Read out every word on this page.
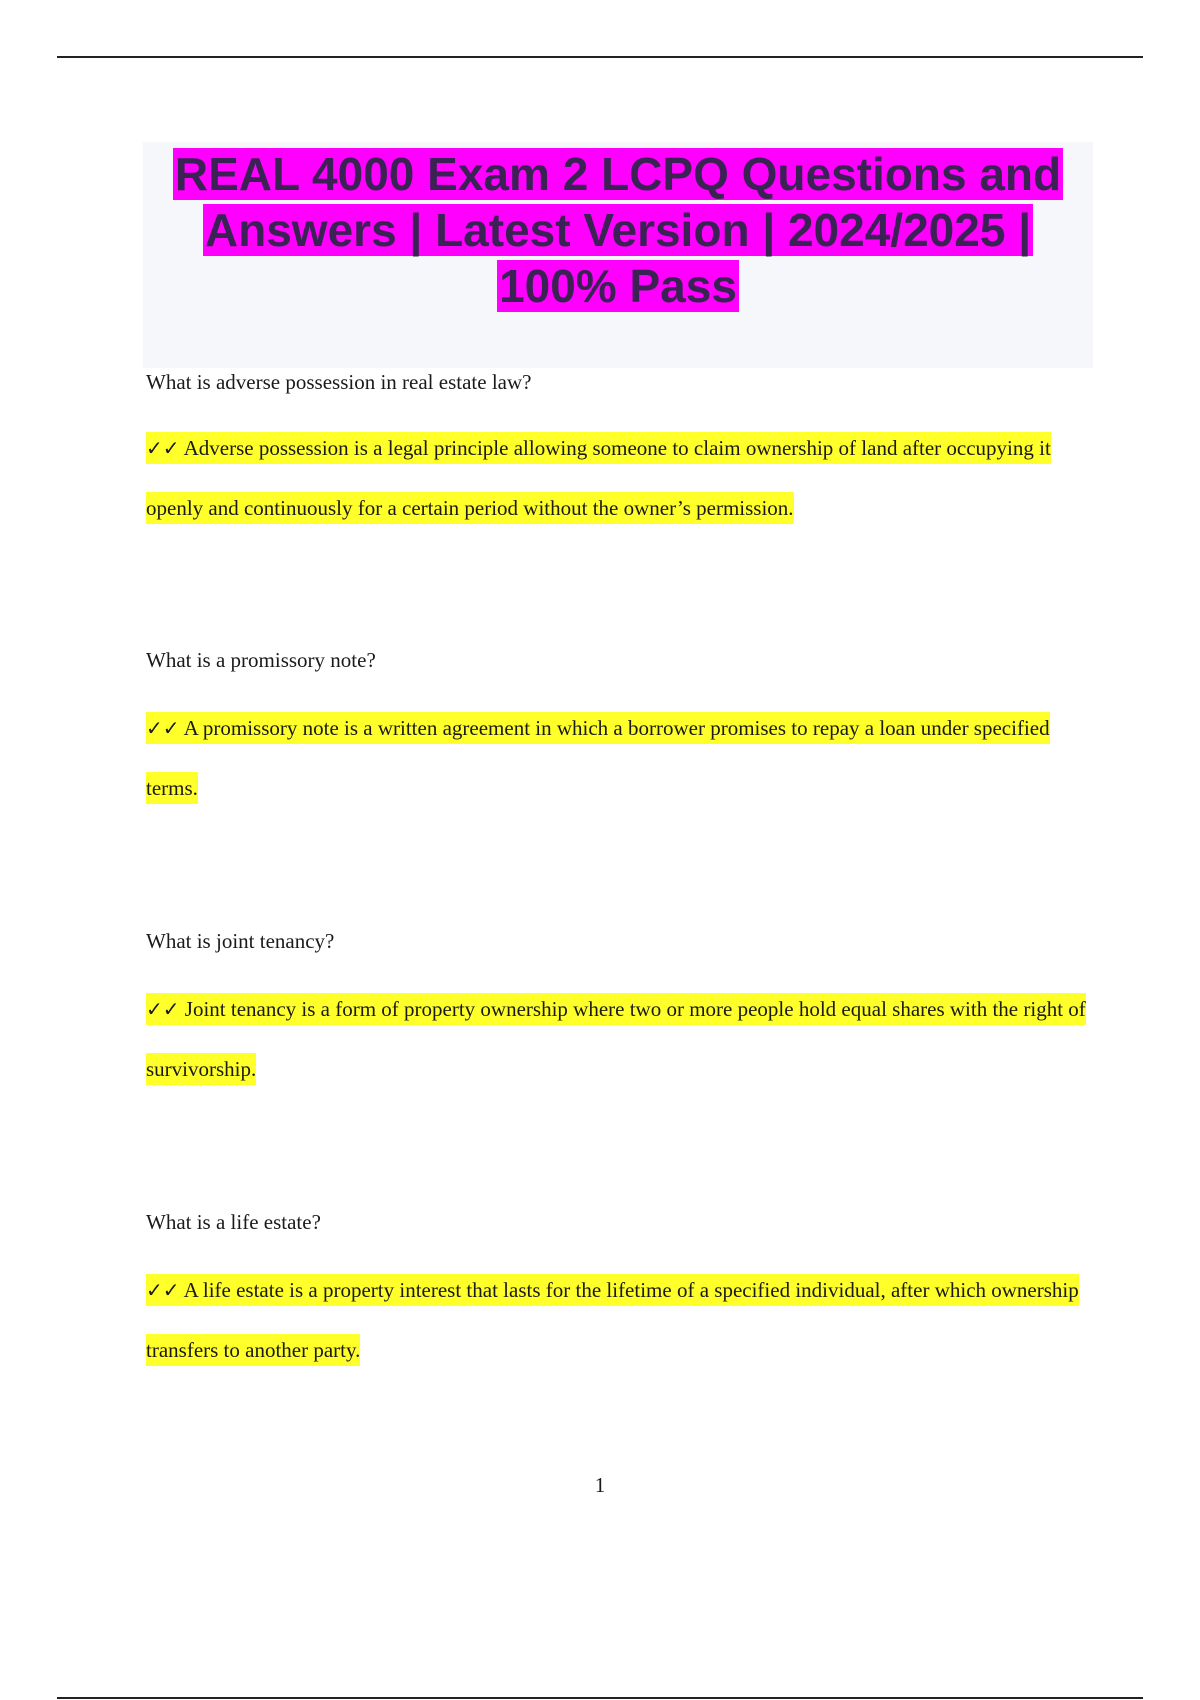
REAL 4000 Exam 2 LCPQ Questions and
Answers | Latest Version | 2024/2025 |
100% Pass

What is adverse possession in real estate law?

✓✓ Adverse possession is a legal principle allowing someone to claim ownership of land after occupying it openly and continuously for a certain period without the owner’s permission.

What is a promissory note?

✓✓ A promissory note is a written agreement in which a borrower promises to repay a loan under specified terms.

What is joint tenancy?

✓✓ Joint tenancy is a form of property ownership where two or more people hold equal shares with the right of survivorship.

What is a life estate?

✓✓ A life estate is a property interest that lasts for the lifetime of a specified individual, after which ownership transfers to another party.

1
